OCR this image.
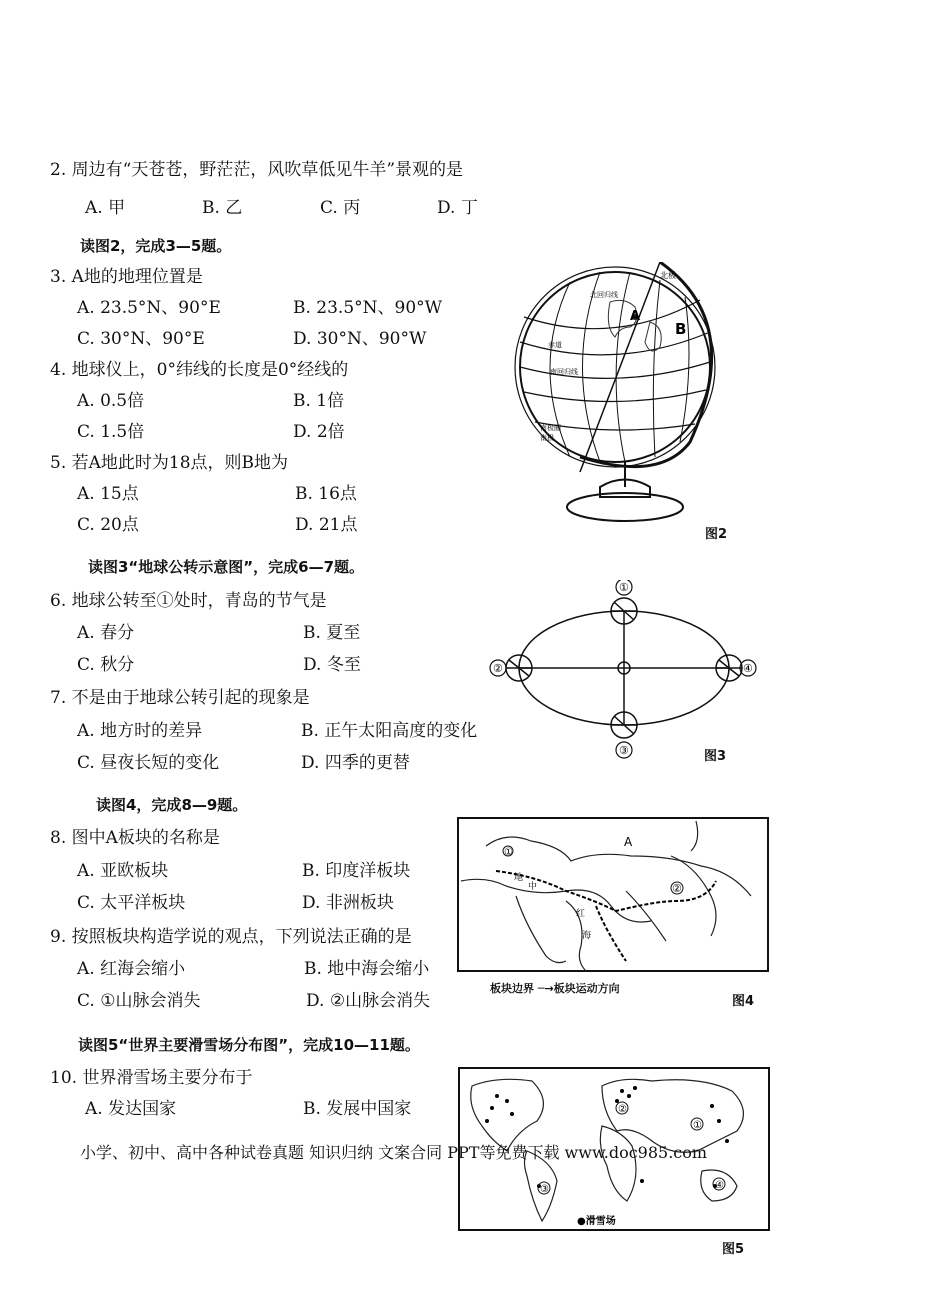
2. 周边有“天苍苍，野茫茫，风吹草低见牛羊”景观的是
A. 甲	B. 乙	C. 丙	D. 丁
读图2，完成3—5题。
3. A地的地理位置是
A. 23.5°N、90°E	B. 23.5°N、90°W
C. 30°N、90°E	D. 30°N、90°W
4. 地球仪上，0°纬线的长度是0°经线的
A. 0.5倍	B. 1倍
C. 1.5倍	D. 2倍
5. 若A地此时为18点，则B地为
A. 15点	B. 16点
C. 20点	D. 21点
A
B
北极
北回归线
赤道
南回归线
南极圈
南极
图2
读图3“地球公转示意图”，完成6—7题。
6. 地球公转至①处时，青岛的节气是
A. 春分	B. 夏至
C. 秋分	D. 冬至
7. 不是由于地球公转引起的现象是
A. 地方时的差异	B. 正午太阳高度的变化
C. 昼夜长短的变化	D. 四季的更替
①
②
③
④
图3
读图4，完成8—9题。
8. 图中A板块的名称是
A. 亚欧板块	B. 印度洋板块
C. 太平洋板块	D. 非洲板块
9. 按照板块构造学说的观点，下列说法正确的是
A. 红海会缩小	B. 地中海会缩小
C. ①山脉会消失	D. ②山脉会消失
A
①
②
地
中
红
海
板块边界 ─→板块运动方向
图4
读图5“世界主要滑雪场分布图”，完成10—11题。
10. 世界滑雪场主要分布于
A. 发达国家	B. 发展中国家
①
②
③	④
●滑雪场
图5
小学、初中、高中各种试卷真题 知识归纳 文案合同 PPT等免费下载 www.doc985.com
